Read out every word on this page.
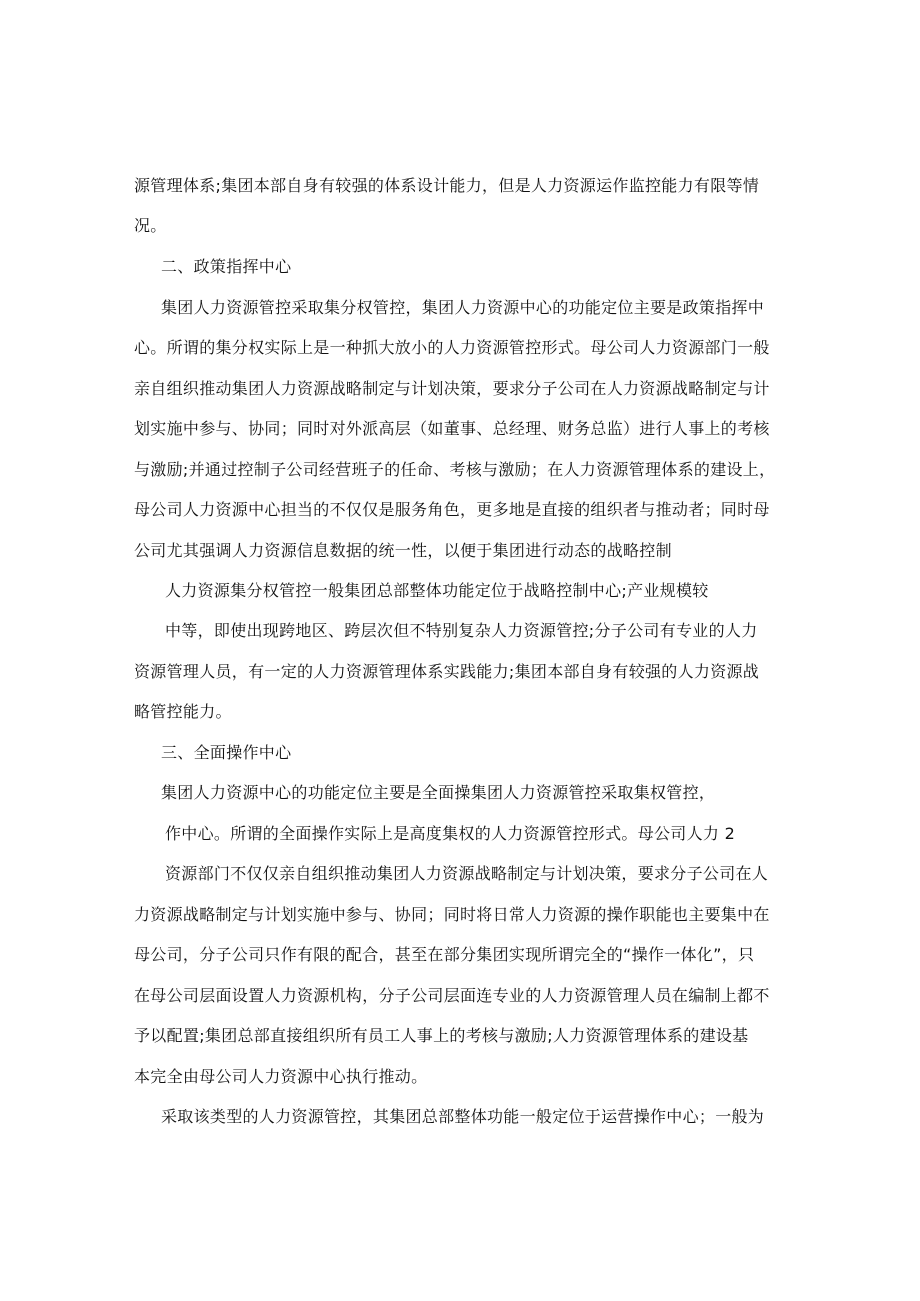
源管理体系;集团本部自身有较强的体系设计能力，但是人力资源运作监控能力有限等情
况。
二、政策指挥中心
集团人力资源管控采取集分权管控，集团人力资源中心的功能定位主要是政策指挥中
心。所谓的集分权实际上是一种抓大放小的人力资源管控形式。母公司人力资源部门一般
亲自组织推动集团人力资源战略制定与计划决策，要求分子公司在人力资源战略制定与计
划实施中参与、协同；同时对外派高层（如董事、总经理、财务总监）进行人事上的考核
与激励;并通过控制子公司经营班子的任命、考核与激励；在人力资源管理体系的建设上，
母公司人力资源中心担当的不仅仅是服务角色，更多地是直接的组织者与推动者；同时母
公司尤其强调人力资源信息数据的统一性，以便于集团进行动态的战略控制
人力资源集分权管控一般集团总部整体功能定位于战略控制中心;产业规模较
中等，即使出现跨地区、跨层次但不特别复杂人力资源管控;分子公司有专业的人力
资源管理人员，有一定的人力资源管理体系实践能力;集团本部自身有较强的人力资源战
略管控能力。
三、全面操作中心
集团人力资源中心的功能定位主要是全面操集团人力资源管控采取集权管控，
作中心。所谓的全面操作实际上是高度集权的人力资源管控形式。母公司人力 2
资源部门不仅仅亲自组织推动集团人力资源战略制定与计划决策，要求分子公司在人
力资源战略制定与计划实施中参与、协同；同时将日常人力资源的操作职能也主要集中在
母公司，分子公司只作有限的配合，甚至在部分集团实现所谓完全的“操作一体化”，只
在母公司层面设置人力资源机构，分子公司层面连专业的人力资源管理人员在编制上都不
予以配置;集团总部直接组织所有员工人事上的考核与激励;人力资源管理体系的建设基
本完全由母公司人力资源中心执行推动。
采取该类型的人力资源管控，其集团总部整体功能一般定位于运营操作中心；一般为
